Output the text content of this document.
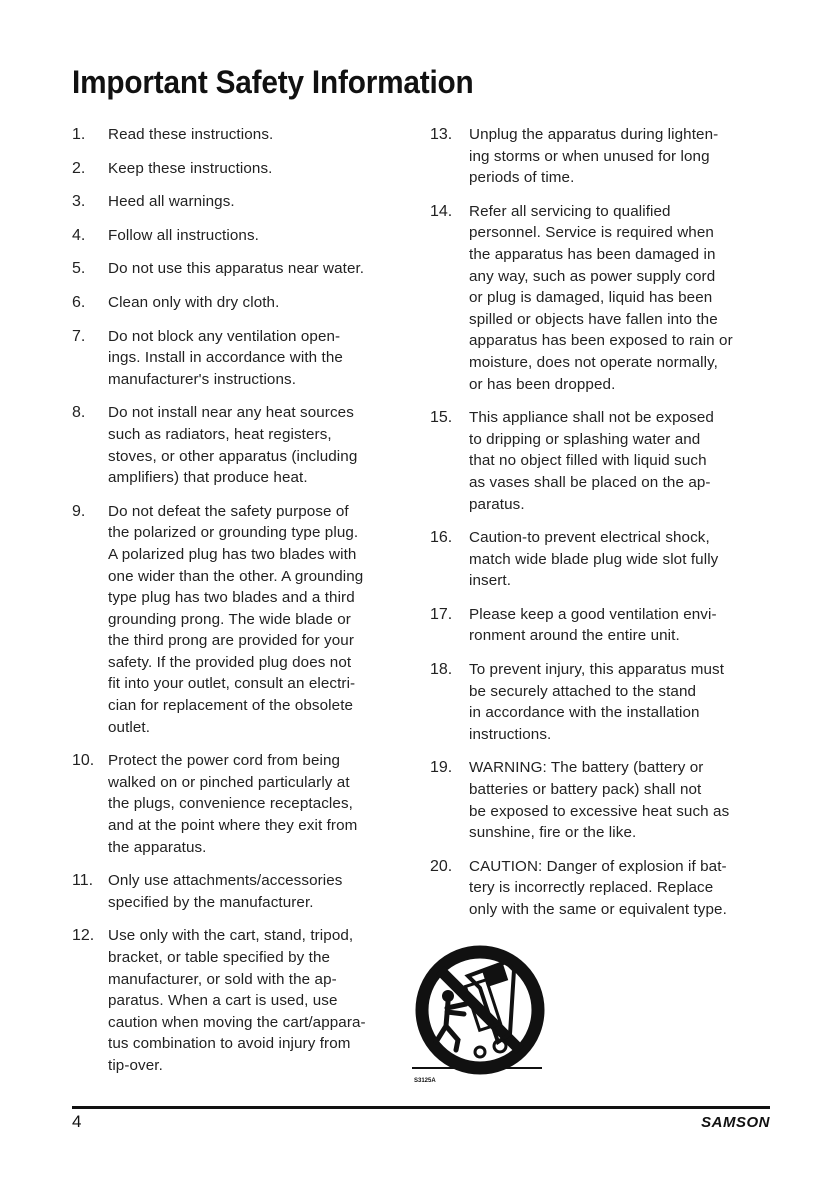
Important Safety Information
1.	Read these instructions.
2.	Keep these instructions.
3.	Heed all warnings.
4.	Follow all instructions.
5.	Do not use this apparatus near water.
6.	Clean only with dry cloth.
7.	Do not block any ventilation open-
ings. Install in accordance with the
manufacturer's instructions.
8.	Do not install near any heat sources
such as radiators, heat registers,
stoves, or other apparatus (including
amplifiers) that produce heat.
9.	Do not defeat the safety purpose of
the polarized or grounding type plug.
A polarized plug has two blades with
one wider than the other. A grounding
type plug has two blades and a third
grounding prong. The wide blade or
the third prong are provided for your
safety. If the provided plug does not
fit into your outlet, consult an electri-
cian for replacement of the obsolete
outlet.
10. Protect the power cord from being
walked on or pinched particularly at
the plugs, convenience receptacles,
and at the point where they exit from
the apparatus.
11. Only use attachments/accessories
specified by the manufacturer.
12. Use only with the cart, stand, tripod,
bracket, or table specified by the
manufacturer, or sold with the ap-
paratus. When a cart is used, use
caution when moving the cart/appara-
tus combination to avoid injury from
tip-over.
13.	Unplug the apparatus during lighten-
ing storms or when unused for long
periods of time.
14.	Refer all servicing to qualified
personnel. Service is required when
the apparatus has been damaged in
any way, such as power supply cord
or plug is damaged, liquid has been
spilled or objects have fallen into the
apparatus has been exposed to rain or
moisture, does not operate normally,
or has been dropped.
15.	This appliance shall not be exposed
to dripping or splashing water and
that no object filled with liquid such
as vases shall be placed on the ap-
paratus.
16.	Caution-to prevent electrical shock,
match wide blade plug wide slot fully
insert.
17.	Please keep a good ventilation envi-
ronment around the entire unit.
18.	To prevent injury, this apparatus must
be securely attached to the stand
in accordance with the installation
instructions.
19.	WARNING: The battery (battery or
batteries or battery pack) shall not
be exposed to excessive heat such as
sunshine, fire or the like.
20.	CAUTION: Danger of explosion if bat-
tery is incorrectly replaced. Replace
only with the same or equivalent type.
S3125A
4	SAMSON
